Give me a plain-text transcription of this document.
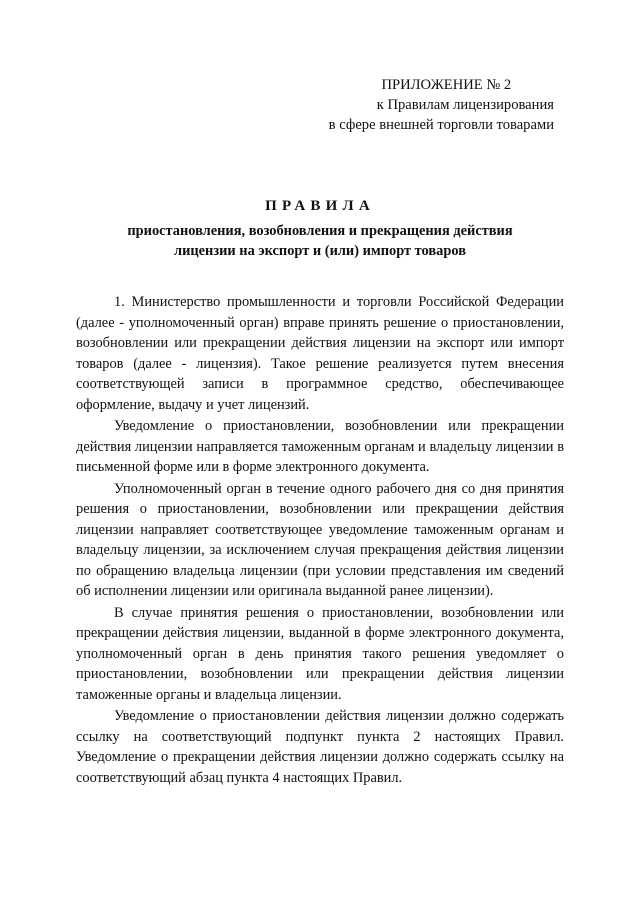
ПРИЛОЖЕНИЕ № 2
к Правилам лицензирования
в сфере внешней торговли товарами
ПРАВИЛА
приостановления, возобновления и прекращения действия
лицензии на экспорт и (или) импорт товаров

1. Министерство промышленности и торговли Российской Федерации (далее - уполномоченный орган) вправе принять решение о приостановлении, возобновлении или прекращении действия лицензии на экспорт или импорт товаров (далее - лицензия). Такое решение реализуется путем внесения соответствующей записи в программное средство, обеспечивающее оформление, выдачу и учет лицензий.

Уведомление о приостановлении, возобновлении или прекращении действия лицензии направляется таможенным органам и владельцу лицензии в письменной форме или в форме электронного документа.

Уполномоченный орган в течение одного рабочего дня со дня принятия решения о приостановлении, возобновлении или прекращении действия лицензии направляет соответствующее уведомление таможенным органам и владельцу лицензии, за исключением случая прекращения действия лицензии по обращению владельца лицензии (при условии представления им сведений об исполнении лицензии или оригинала выданной ранее лицензии).

В случае принятия решения о приостановлении, возобновлении или прекращении действия лицензии, выданной в форме электронного документа, уполномоченный орган в день принятия такого решения уведомляет о приостановлении, возобновлении или прекращении действия лицензии таможенные органы и владельца лицензии.

Уведомление о приостановлении действия лицензии должно содержать ссылку на соответствующий подпункт пункта 2 настоящих Правил. Уведомление о прекращении действия лицензии должно содержать ссылку на соответствующий абзац пункта 4 настоящих Правил.
